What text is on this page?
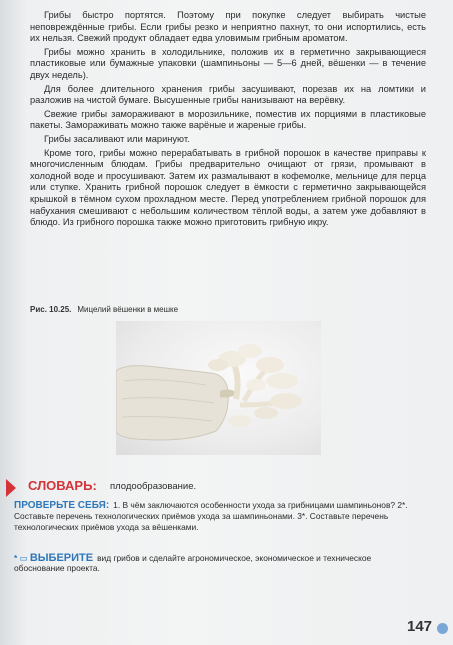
Грибы быстро портятся. Поэтому при покупке следует выбирать чистые неповреждённые грибы. Если грибы резко и неприятно пахнут, то они испортились, есть их нельзя. Свежий продукт обладает едва уловимым грибным ароматом.

Грибы можно хранить в холодильнике, положив их в герметично закрывающиеся пластиковые или бумажные упаковки (шампиньоны — 5—6 дней, вёшенки — в течение двух недель).

Для более длительного хранения грибы засушивают, порезав их на ломтики и разложив на чистой бумаге. Высушенные грибы нанизывают на верёвку.

Свежие грибы замораживают в морозильнике, поместив их порциями в пластиковые пакеты. Замораживать можно также варёные и жареные грибы.

Грибы засаливают или маринуют.

Кроме того, грибы можно перерабатывать в грибной порошок в качестве приправы к многочисленным блюдам. Грибы предварительно очищают от грязи, промывают в холодной воде и просушивают. Затем их размалывают в кофемолке, мельнице для перца или ступке. Хранить грибной порошок следует в ёмкости с герметично закрывающейся крышкой в тёмном сухом прохладном месте. Перед употреблением грибной порошок для набухания смешивают с небольшим количеством тёплой воды, а затем уже добавляют в блюдо. Из грибного порошка также можно приготовить грибную икру.

Рис. 10.25. Мицелий вёшенки в мешке
СЛОВАРЬ: плодообразование.
ПРОВЕРЬТЕ СЕБЯ: 1. В чём заключаются особенности ухода за грибницами шампиньонов? 2*. Составьте перечень технологических приёмов ухода за шампиньонами. 3*. Составьте перечень технологических приёмов ухода за вёшенками.
* ▭ ВЫБЕРИТЕ вид грибов и сделайте агрономическое, экономическое и техническое обоснование проекта.
147
